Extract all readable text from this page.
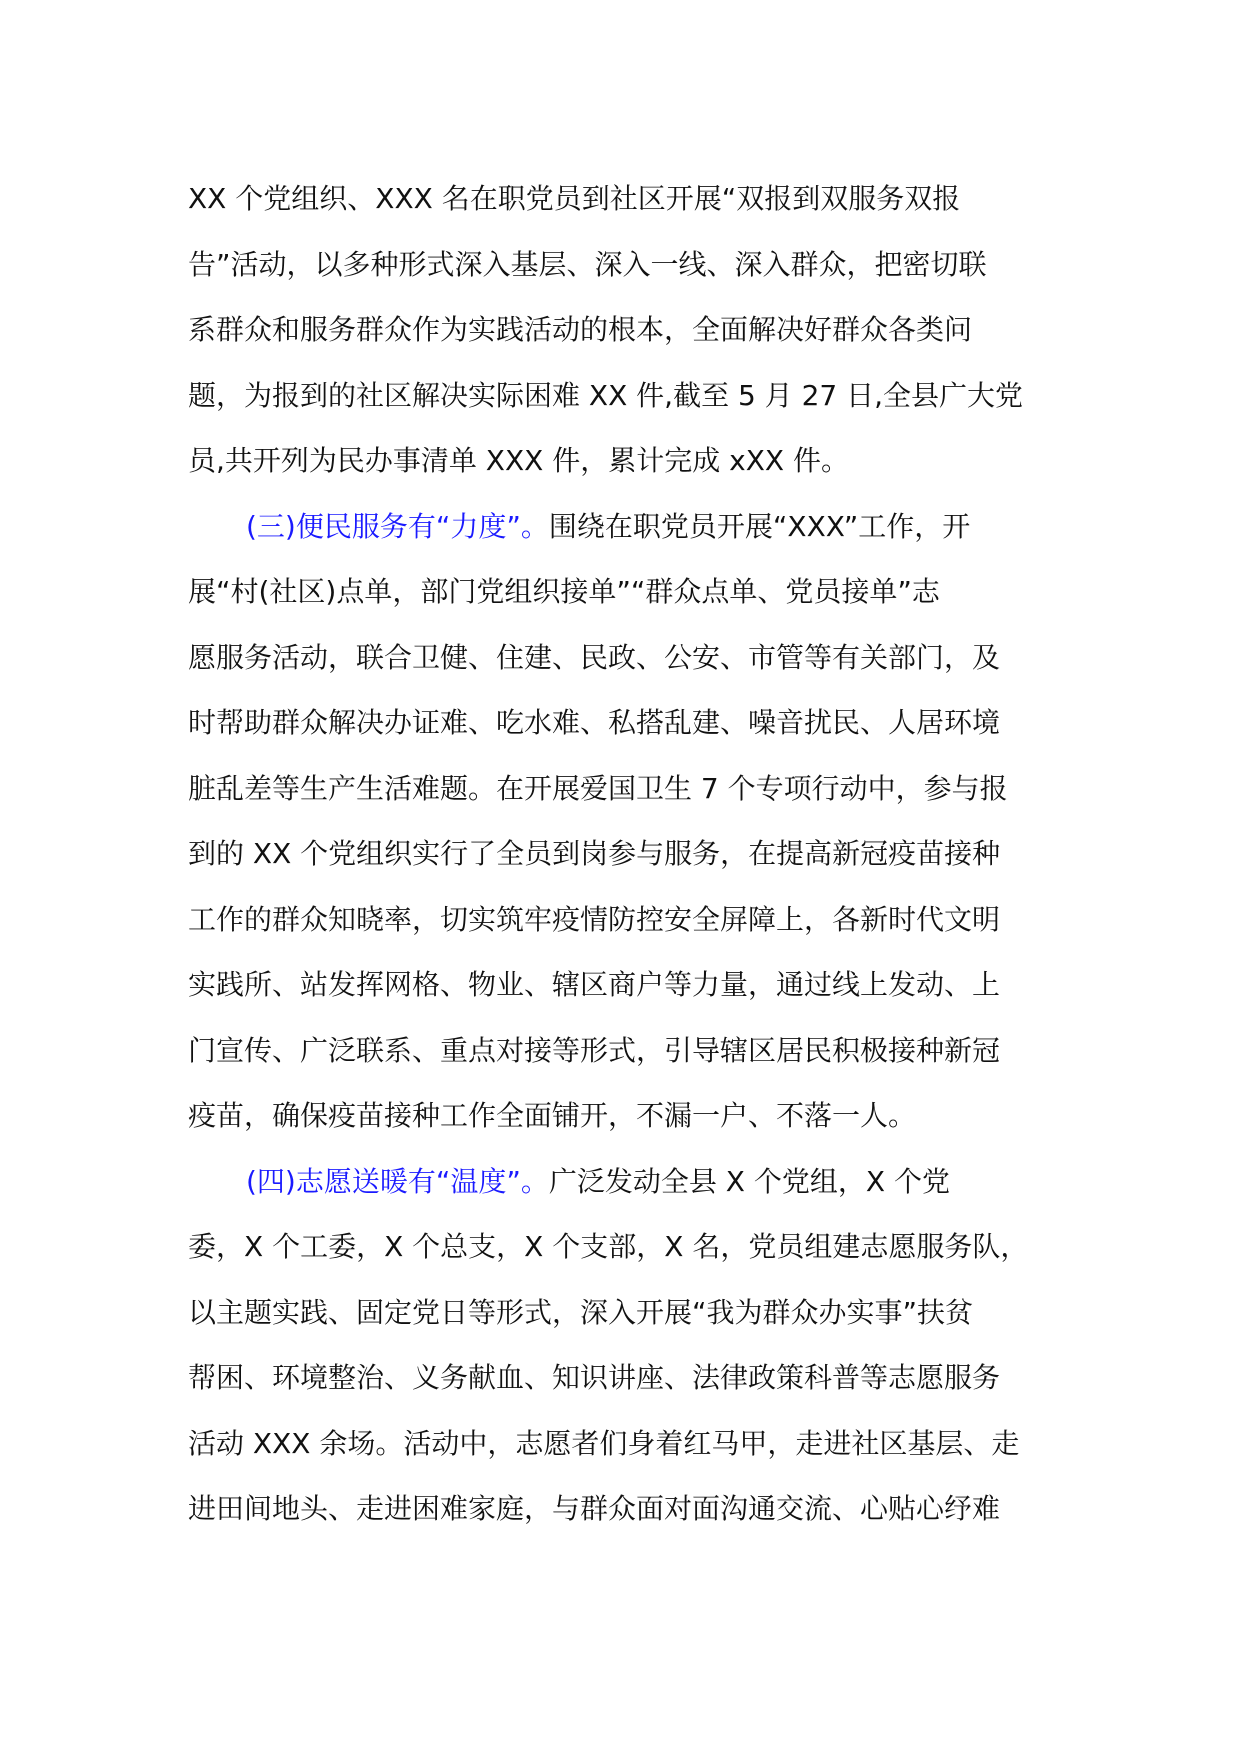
XX 个党组织、XXX 名在职党员到社区开展“双报到双服务双报
告”活动，以多种形式深入基层、深入一线、深入群众，把密切联
系群众和服务群众作为实践活动的根本，全面解决好群众各类问
题，为报到的社区解决实际困难 XX 件,截至 5 月 27 日,全县广大党
员,共开列为民办事清单 XXX 件，累计完成 xXX 件。
(三)便民服务有“力度”。围绕在职党员开展“XXX”工作，开
展“村(社区)点单，部门党组织接单”“群众点单、党员接单”志
愿服务活动，联合卫健、住建、民政、公安、市管等有关部门，及
时帮助群众解决办证难、吃水难、私搭乱建、噪音扰民、人居环境
脏乱差等生产生活难题。在开展爱国卫生 7 个专项行动中，参与报
到的 XX 个党组织实行了全员到岗参与服务，在提高新冠疫苗接种
工作的群众知晓率，切实筑牢疫情防控安全屏障上，各新时代文明
实践所、站发挥网格、物业、辖区商户等力量，通过线上发动、上
门宣传、广泛联系、重点对接等形式，引导辖区居民积极接种新冠
疫苗，确保疫苗接种工作全面铺开，不漏一户、不落一人。
(四)志愿送暖有“温度”。广泛发动全县 X 个党组，X 个党
委，X 个工委，X 个总支，X 个支部，X 名，党员组建志愿服务队，
以主题实践、固定党日等形式，深入开展“我为群众办实事”扶贫
帮困、环境整治、义务献血、知识讲座、法律政策科普等志愿服务
活动 XXX 余场。活动中，志愿者们身着红马甲，走进社区基层、走
进田间地头、走进困难家庭，与群众面对面沟通交流、心贴心纾难
